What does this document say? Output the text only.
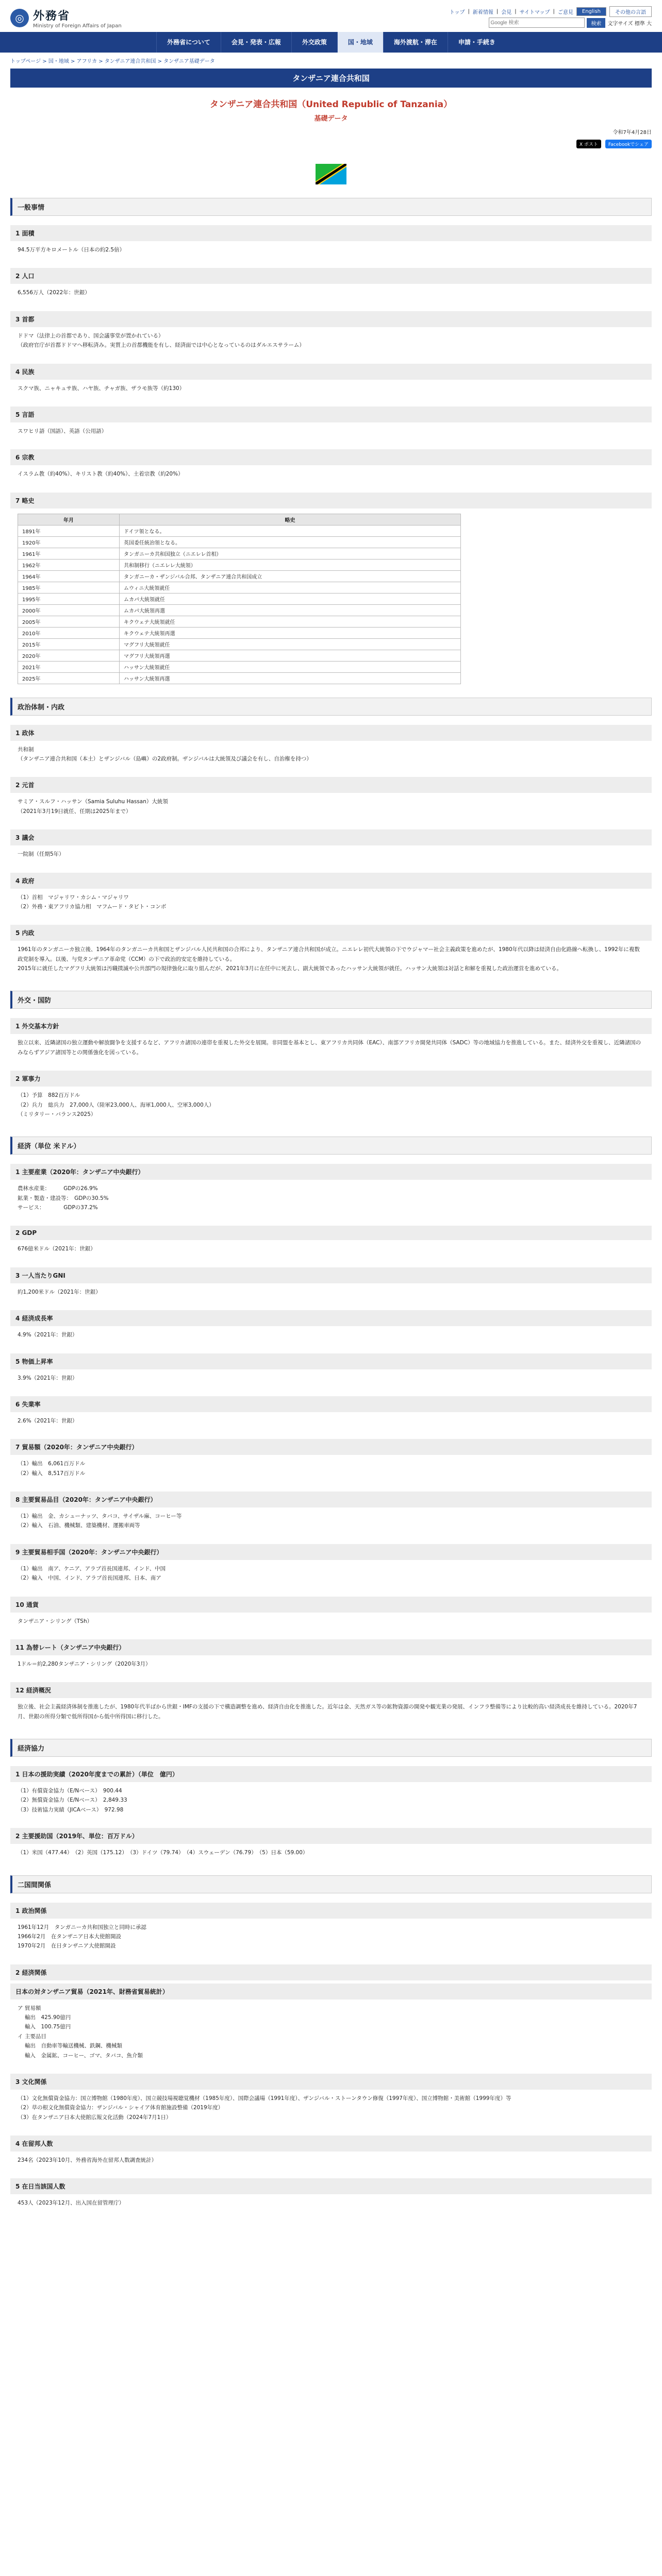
◎ 外務省
Ministry of Foreign Affairs of Japan
トップ | 新着情報 | 会見 | サイトマップ | ご意見	English	その他の言語
Google 検索
検索	文字サイズ 標準 大
外務省について	会見・発表・広報	外交政策	国・地域	海外渡航・滞在	申請・手続き
トップページ > 国・地域 > アフリカ > タンザニア連合共和国 > タンザニア基礎データ
タンザニア連合共和国
タンザニア連合共和国（United Republic of Tanzania）
基礎データ
令和7年4月28日
X ポスト	Facebookでシェア
一般事情
1 面積
94.5万平方キロメートル（日本の約2.5倍）
2 人口
6,556万人（2022年：世銀）
3 首都
ドドマ（法律上の首都であり、国会議事堂が置かれている）
（政府官庁が首都ドドマへ移転済み。実質上の首都機能を有し、経済面では中心となっているのはダルエスサラーム）
4 民族
スクマ族、ニャキュサ族、ハヤ族、チャガ族、ザラモ族等（約130）
5 言語
スワヒリ語（国語）、英語（公用語）
6 宗教
イスラム教（約40%）、キリスト教（約40%）、土着宗教（約20%）
7 略史
年月	略史
1891年	ドイツ領となる。
1920年	英国委任統治領となる。
1961年	タンガニーカ共和国独立（ニエレレ首相）
1962年	共和制移行（ニエレレ大統領）
1964年	タンガニーカ・ザンジバル合邦、タンザニア連合共和国成立
1985年	ムウィニ大統領就任
1995年	ムカパ大統領就任
2000年	ムカパ大統領再選
2005年	キクウェテ大統領就任
2010年	キクウェテ大統領再選
2015年	マグフリ大統領就任
2020年	マグフリ大統領再選
2021年	ハッサン大統領就任
2025年	ハッサン大統領再選
政治体制・内政
1 政体
共和制
（タンザニア連合共和国（本土）とザンジバル（島嶼）の2政府制。ザンジバルは大統領及び議会を有し、自治権を持つ）
2 元首
サミア・スルフ・ハッサン（Samia Suluhu Hassan）大統領
（2021年3月19日就任、任期は2025年まで）
3 議会
一院制（任期5年）
4 政府
（1）首相　マジャリワ・カシム・マジャリワ
（2）外務・東アフリカ協力相　マフムード・タビト・コンボ
5 内政
1961年のタンガニーカ独立後、1964年のタンガニーカ共和国とザンジバル人民共和国の合邦により、タンザニア連合共和国が成立。ニエレレ初代大統領の下でウジャマー社会主義政策を進めたが、1980年代以降は経済自由化路線へ転換し、1992年に複数政党制を導入。以後、与党タンザニア革命党（CCM）の下で政治的安定を維持している。
2015年に就任したマグフリ大統領は汚職撲滅や公共部門の規律強化に取り組んだが、2021年3月に在任中に死去し、副大統領であったハッサン大統領が就任。ハッサン大統領は対話と和解を重視した政治運営を進めている。
外交・国防
1 外交基本方針
独立以来、近隣諸国の独立運動や解放闘争を支援するなど、アフリカ諸国の連帯を重視した外交を展開。非同盟を基本とし、東アフリカ共同体（EAC）、南部アフリカ開発共同体（SADC）等の地域協力を推進している。また、経済外交を重視し、近隣諸国のみならずアジア諸国等との関係強化を図っている。
2 軍事力
（1）予算　882百万ドル
（2）兵力　総兵力　27,000人（陸軍23,000人、海軍1,000人、空軍3,000人）
（ミリタリー・バランス2025）
経済（単位 米ドル）
1 主要産業（2020年：タンザニア中央銀行）
農林水産業：　　　GDPの26.9%
鉱業・製造・建設等：　GDPの30.5%
サービス：　　　　GDPの37.2%
2 GDP
676億米ドル（2021年：世銀）
3 一人当たりGNI
約1,200米ドル（2021年：世銀）
4 経済成長率
4.9%（2021年：世銀）
5 物価上昇率
3.9%（2021年：世銀）
6 失業率
2.6%（2021年：世銀）
7 貿易額（2020年：タンザニア中央銀行）
（1）輸出　6,061百万ドル
（2）輸入　8,517百万ドル
8 主要貿易品目（2020年：タンザニア中央銀行）
（1）輸出　金、カシューナッツ、タバコ、サイザル麻、コーヒー等
（2）輸入　石油、機械類、建築機材、運搬車両等
9 主要貿易相手国（2020年：タンザニア中央銀行）
（1）輸出　南ア、ケニア、アラブ首長国連邦、インド、中国
（2）輸入　中国、インド、アラブ首長国連邦、日本、南ア
10 通貨
タンザニア・シリング（TSh）
11 為替レート（タンザニア中央銀行）
1ドル＝約2,280タンザニア・シリング（2020年3月）
12 経済概況
独立後、社会主義経済体制を推進したが、1980年代半ばから世銀・IMFの支援の下で構造調整を進め、経済自由化を推進した。近年は金、天然ガス等の鉱物資源の開発や観光業の発展、インフラ整備等により比較的高い経済成長を維持している。2020年7月、世銀の所得分類で低所得国から低中所得国に移行した。
経済協力
1 日本の援助実績（2020年度までの累計）（単位　億円）
（1）有償資金協力（E/Nベース）　900.44
（2）無償資金協力（E/Nベース）　2,849.33
（3）技術協力実績（JICAベース）　972.98
2 主要援助国（2019年、単位：百万ドル）
（1）米国（477.44）　（2）英国（175.12）　（3）ドイツ（79.74）　（4）スウェーデン（76.79）　（5）日本（59.00）
二国間関係
1 政治関係
1961年12月　タンガニーカ共和国独立と同時に承認
1966年2月　在タンザニア日本大使館開設
1970年2月　在日タンザニア大使館開設
2 経済関係
日本の対タンザニア貿易（2021年、財務省貿易統計）
ア 貿易額
輸出　425.90億円
輸入　100.75億円
イ 主要品目
輸出　自動車等輸送機械、鉄鋼、機械類
輸入　金属鉱、コーヒー、ゴマ、タバコ、魚介類
3 文化関係
（1）文化無償資金協力：国立博物館（1980年度）、国立競技場視聴覚機材（1985年度）、国際会議場（1991年度）、ザンジバル・ストーンタウン修復（1997年度）、国立博物館・美術館（1999年度）等
（2）草の根文化無償資金協力：ザンジバル・シャイア体育館施設整備（2019年度）
（3）在タンザニア日本大使館広報文化活動（2024年7月1日）
4 在留邦人数
234名（2023年10月、外務省海外在留邦人数調査統計）
5 在日当該国人数
453人（2023年12月、出入国在留管理庁）
